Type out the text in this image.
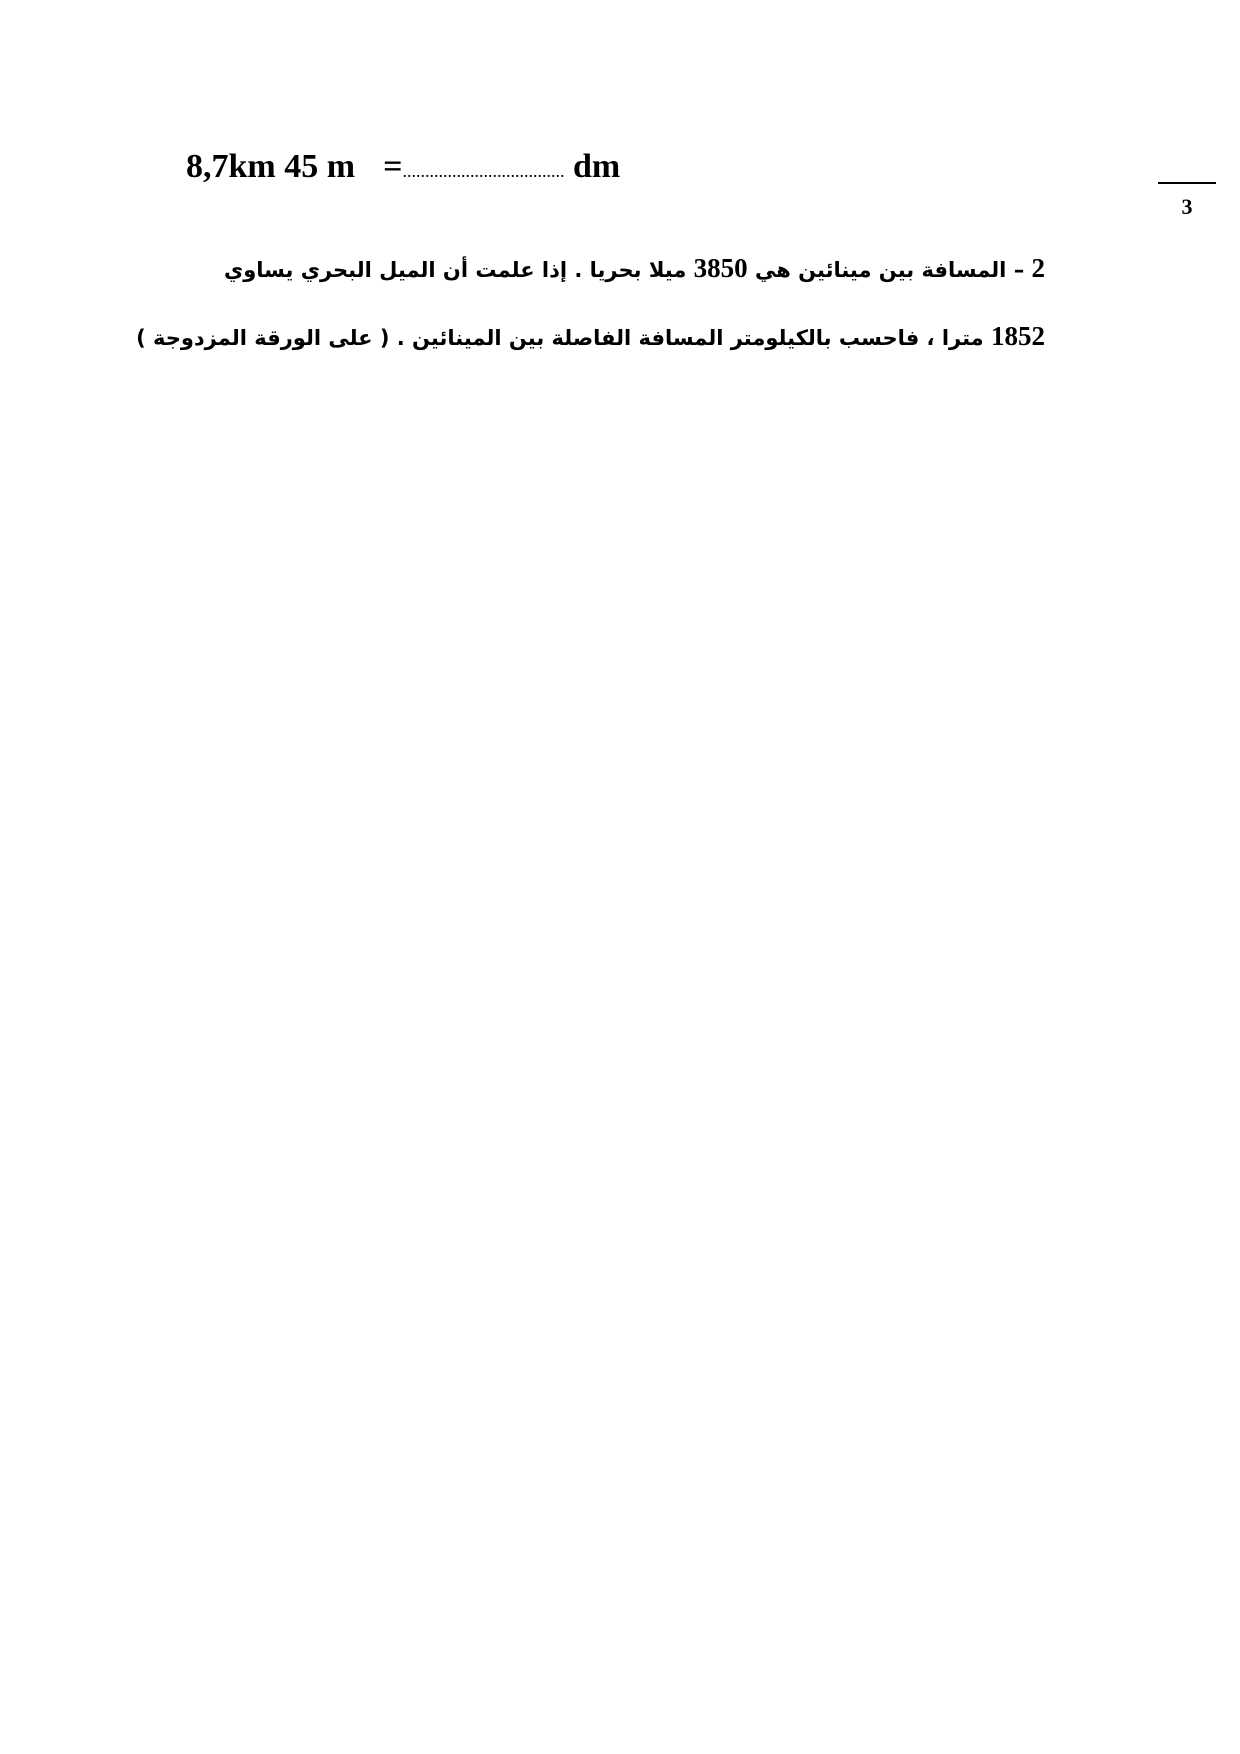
8,7km 45 m =.................................... dm
3
2 – المسافة بين مينائين هي 3850 ميلا بحريا . إذا علمت أن الميل البحري يساوي
1852 مترا ، فاحسب بالكيلومتر المسافة الفاصلة بين المينائين . ( على الورقة المزدوجة )
